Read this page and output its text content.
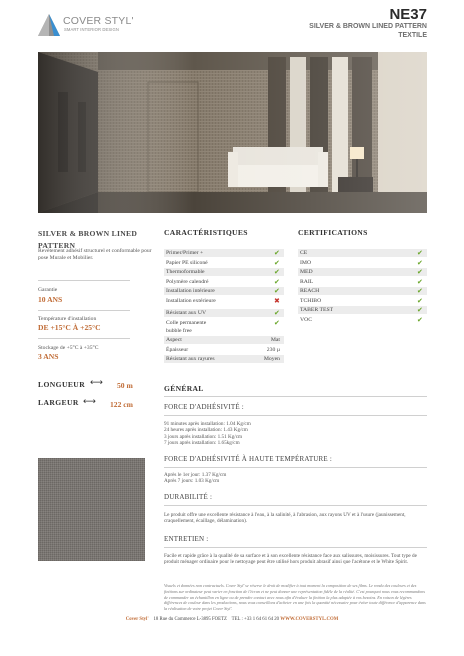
COVER STYL'
SMART INTERIOR DESIGN
NE37
SILVER & BROWN LINED PATTERN
TEXTILE
SILVER & BROWN LINED
PATTERN
Revêtement adhésif structurel et conformable pour pose Murale et Mobilier.
Garantie
10 ANS
Température d'installation
DE +15°C À +25°C
Stockage de +5°C à +35°C
3 ANS
LONGUEUR ⟷ 50 m
LARGEUR ⟷ 122 cm
CARACTÉRISTIQUES
Primer/Primer +	✔
Papier PE siliconé	✔
Thermoformable	✔
Polymère calendré	✔
Installation intérieure	✔
Installation extérieure	✖
Résistant aux UV	✔
Colle permanente	✔
bubble free
Aspect	Mat
Épaisseur	230 µ
Résistant aux rayures	Moyen
CERTIFICATIONS
CE	✔
IMO	✔
MED	✔
RAIL	✔
REACH	✔
TCHIBO	✔
TABER TEST	✔
VOC	✔
GÉNÉRAL
FORCE D'ADHÉSIVITÉ :
91 minutes après installation: 1.04 Kg/cm
24 heures après installation: 1.43 Kg/cm
3 jours après installation: 1.51 Kg/cm
7 jours après installation: 1.65kg/cm
FORCE D'ADHÉSIVITÉ À HAUTE TEMPÉRATURE :
Après le 1er jour: 1.37 Kg/cm
Après 7 jours: 1.03 Kg/cm
DURABILITÉ :
Le produit offre une excellente résistance à l'eau, à la salinité, à l'abrasion, aux rayons UV et à l'usure (jaunissement, craquellement, écaillage, délamination).
ENTRETIEN :
Facile et rapide grâce à la qualité de sa surface et à son excellente résistance face aux salissures, moisissures. Tout type de produit ménager ordinaire pour le nettoyage peut être utilisé hors produit abrasif ainsi que l'acétone et le White Spirit.
Visuels et données non contractuels. Cover Styl' se réserve le droit de modifier à tout moment la composition de ses films. Le rendu des couleurs et des finitions sur ordinateur peut varier en fonction de l'écran et ne peut donner une représentation fidèle de la réalité. C'est pourquoi nous vous recommandons de commander un échantillon en ligne ou de prendre contact avec nous afin d'évaluer la finition la plus adaptée à vos besoins. En raison de légères différences de couleur dans les productions, nous vous conseillons d'acheter en une fois la quantité nécessaire pour éviter toute différence d'apparence dans la réalisation de votre projet Cover Styl'.
Cover Styl' 18 Rue du Commerce L-3895 FOETZ TEL : +33 1 64 61 64 20 WWW.COVERSTYL.COM
